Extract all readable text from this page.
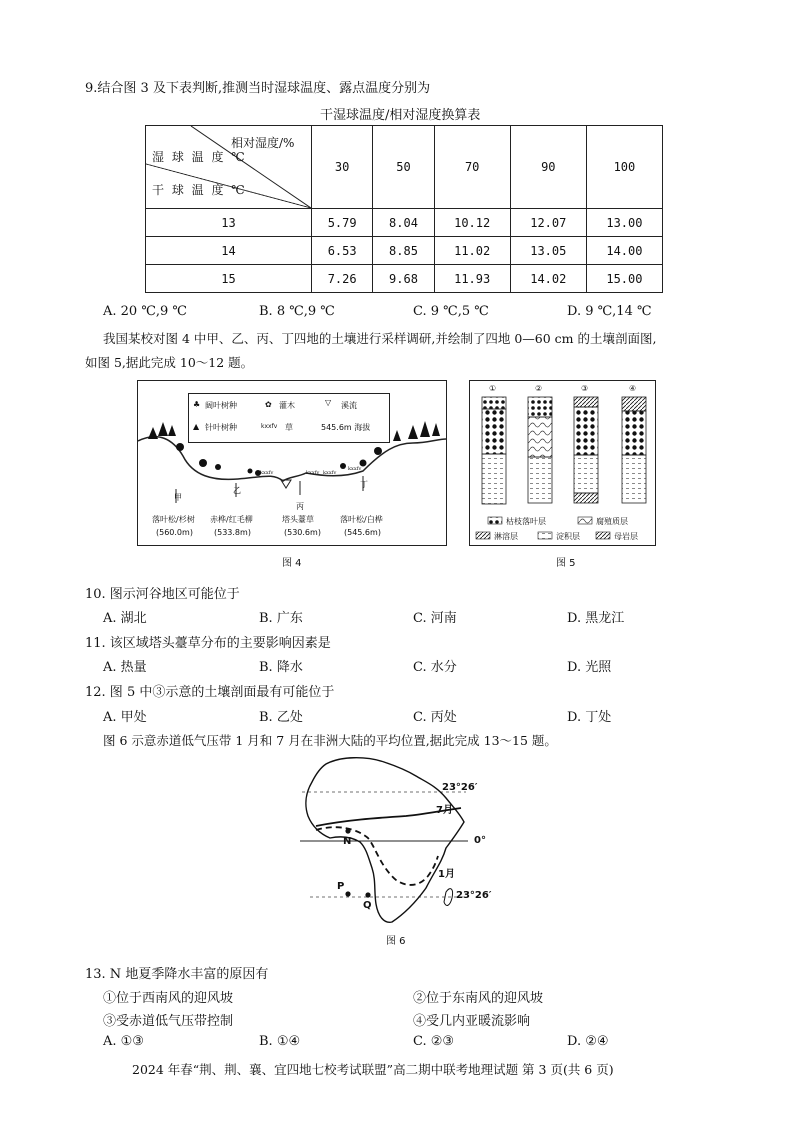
9.结合图 3 及下表判断,推测当时湿球温度、露点温度分别为
干湿球温度/相对湿度换算表
相对湿度/%
湿 球 温 度 ℃
干 球 温 度 ℃	30	50	70	90	100
13	5.79	8.04	10.12	12.07	13.00
14	6.53	8.85	11.02	13.05	14.00
15	7.26	9.68	11.93	14.02	15.00
A. 20 ℃,9 ℃	B. 8 ℃,9 ℃	C. 9 ℃,5 ℃	D. 9 ℃,14 ℃
我国某校对图 4 中甲、乙、丙、丁四地的土壤进行采样调研,并绘制了四地 0—60 cm 的土壤剖面图,
如图 5,据此完成 10～12 题。
♣ 阔叶树种	✿ 灌木	▽ 溪流
▲ 针叶树种	kxxfv 草	545.6m 海拔
kxxfv	kxxfv kxxfv
kxxfv
甲
落叶松/杉树
(560.0m)
乙
赤桦/红毛柳
(533.8m)
丙
塔头薹草
(530.6m)
丁
落叶松/白桦
(545.6m)
图 4
①	②	③	④
枯枝落叶层	腐殖质层
淋溶层	淀积层	母岩层
图 5
10. 图示河谷地区可能位于
A. 湖北	B. 广东	C. 河南	D. 黑龙江
11. 该区域塔头薹草分布的主要影响因素是
A. 热量	B. 降水	C. 水分	D. 光照
12. 图 5 中③示意的土壤剖面最有可能位于
A. 甲处	B. 乙处	C. 丙处	D. 丁处
图 6 示意赤道低气压带 1 月和 7 月在非洲大陆的平均位置,据此完成 13～15 题。
23°26′
7月
0°
N
1月
P
Q
23°26′
图 6
13. N 地夏季降水丰富的原因有
①位于西南风的迎风坡	②位于东南风的迎风坡
③受赤道低气压带控制	④受几内亚暖流影响
A. ①③	B. ①④	C. ②③	D. ②④
2024 年春“荆、荆、襄、宜四地七校考试联盟”高二期中联考地理试题 第 3 页(共 6 页)
